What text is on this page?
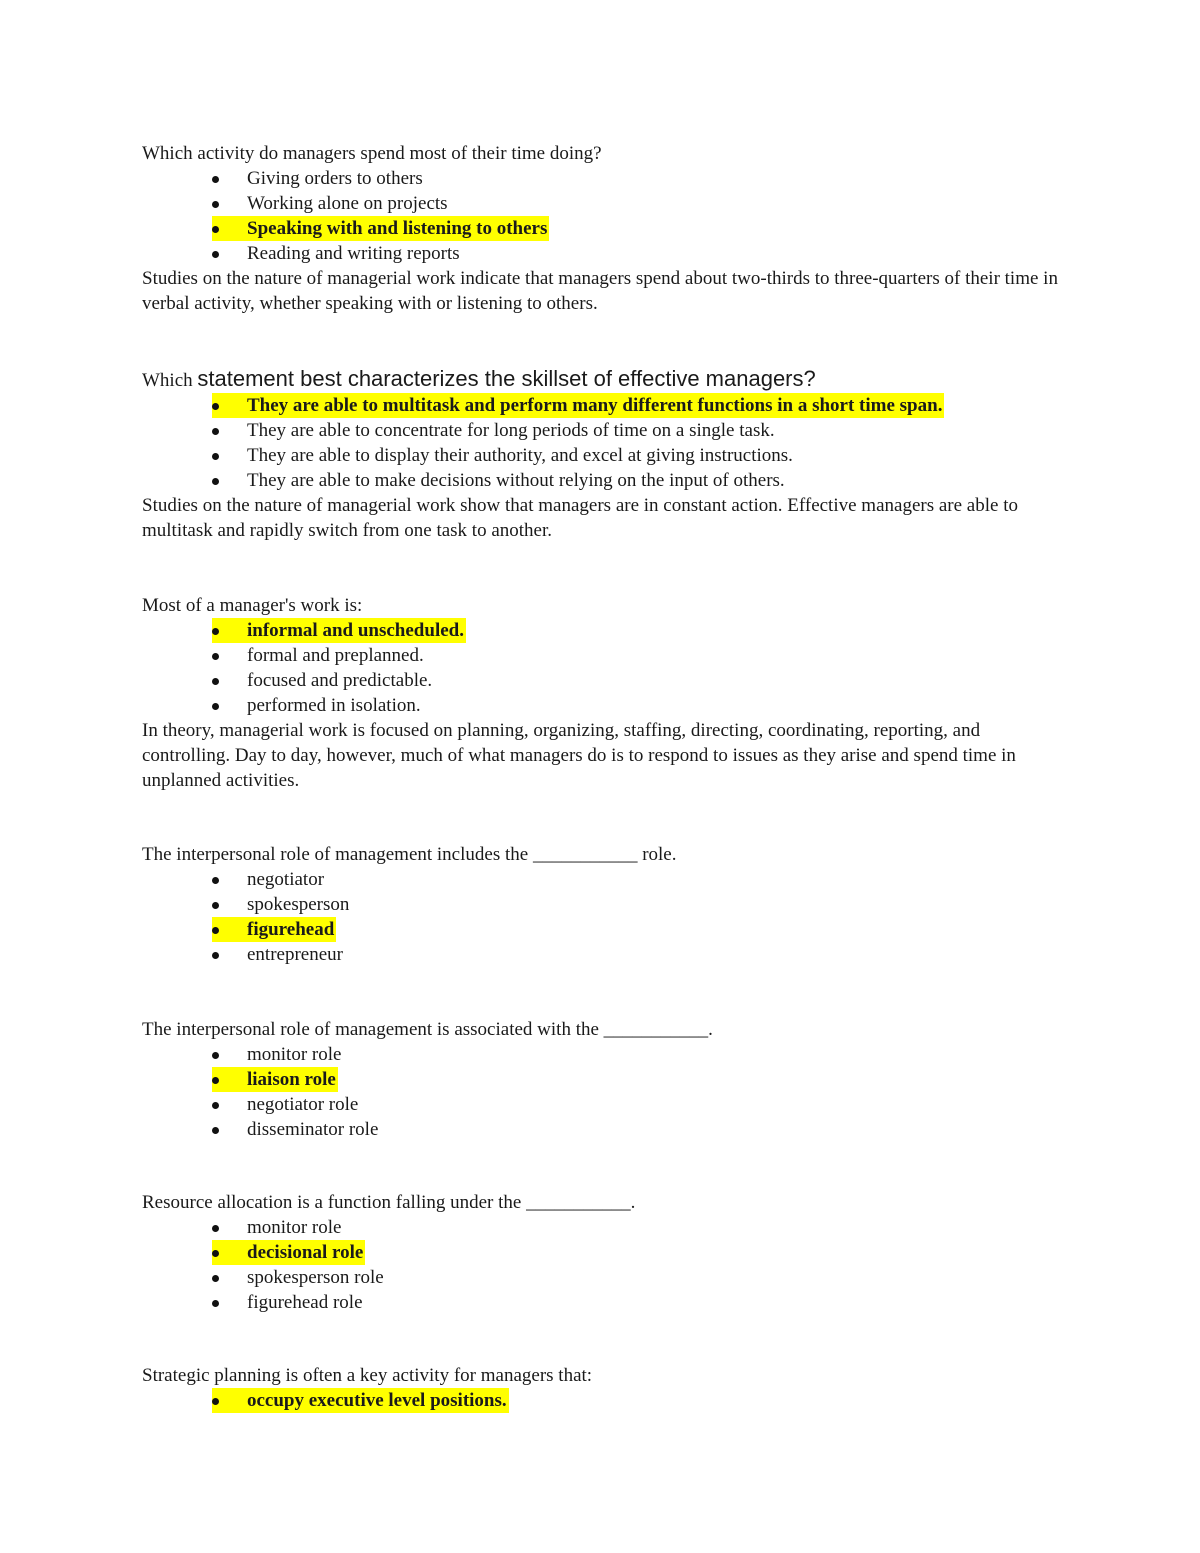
Which activity do managers spend most of their time doing?

Giving orders to others
Working alone on projects
Speaking with and listening to others
Reading and writing reports

Studies on the nature of managerial work indicate that managers spend about two-thirds to three-quarters of their time in verbal activity, whether speaking with or listening to others.

Which statement best characterizes the skillset of effective managers?

They are able to multitask and perform many different functions in a short time span.
They are able to concentrate for long periods of time on a single task.
They are able to display their authority, and excel at giving instructions.
They are able to make decisions without relying on the input of others.

Studies on the nature of managerial work show that managers are in constant action. Effective managers are able to multitask and rapidly switch from one task to another.

Most of a manager's work is:

informal and unscheduled.
formal and preplanned.
focused and predictable.
performed in isolation.

In theory, managerial work is focused on planning, organizing, staffing, directing, coordinating, reporting, and controlling. Day to day, however, much of what managers do is to respond to issues as they arise and spend time in unplanned activities.

The interpersonal role of management includes the ___________ role.

negotiator
spokesperson
figurehead
entrepreneur

The interpersonal role of management is associated with the ___________.

monitor role
liaison role
negotiator role
disseminator role

Resource allocation is a function falling under the ___________.

monitor role
decisional role
spokesperson role
figurehead role

Strategic planning is often a key activity for managers that:

occupy executive level positions.
